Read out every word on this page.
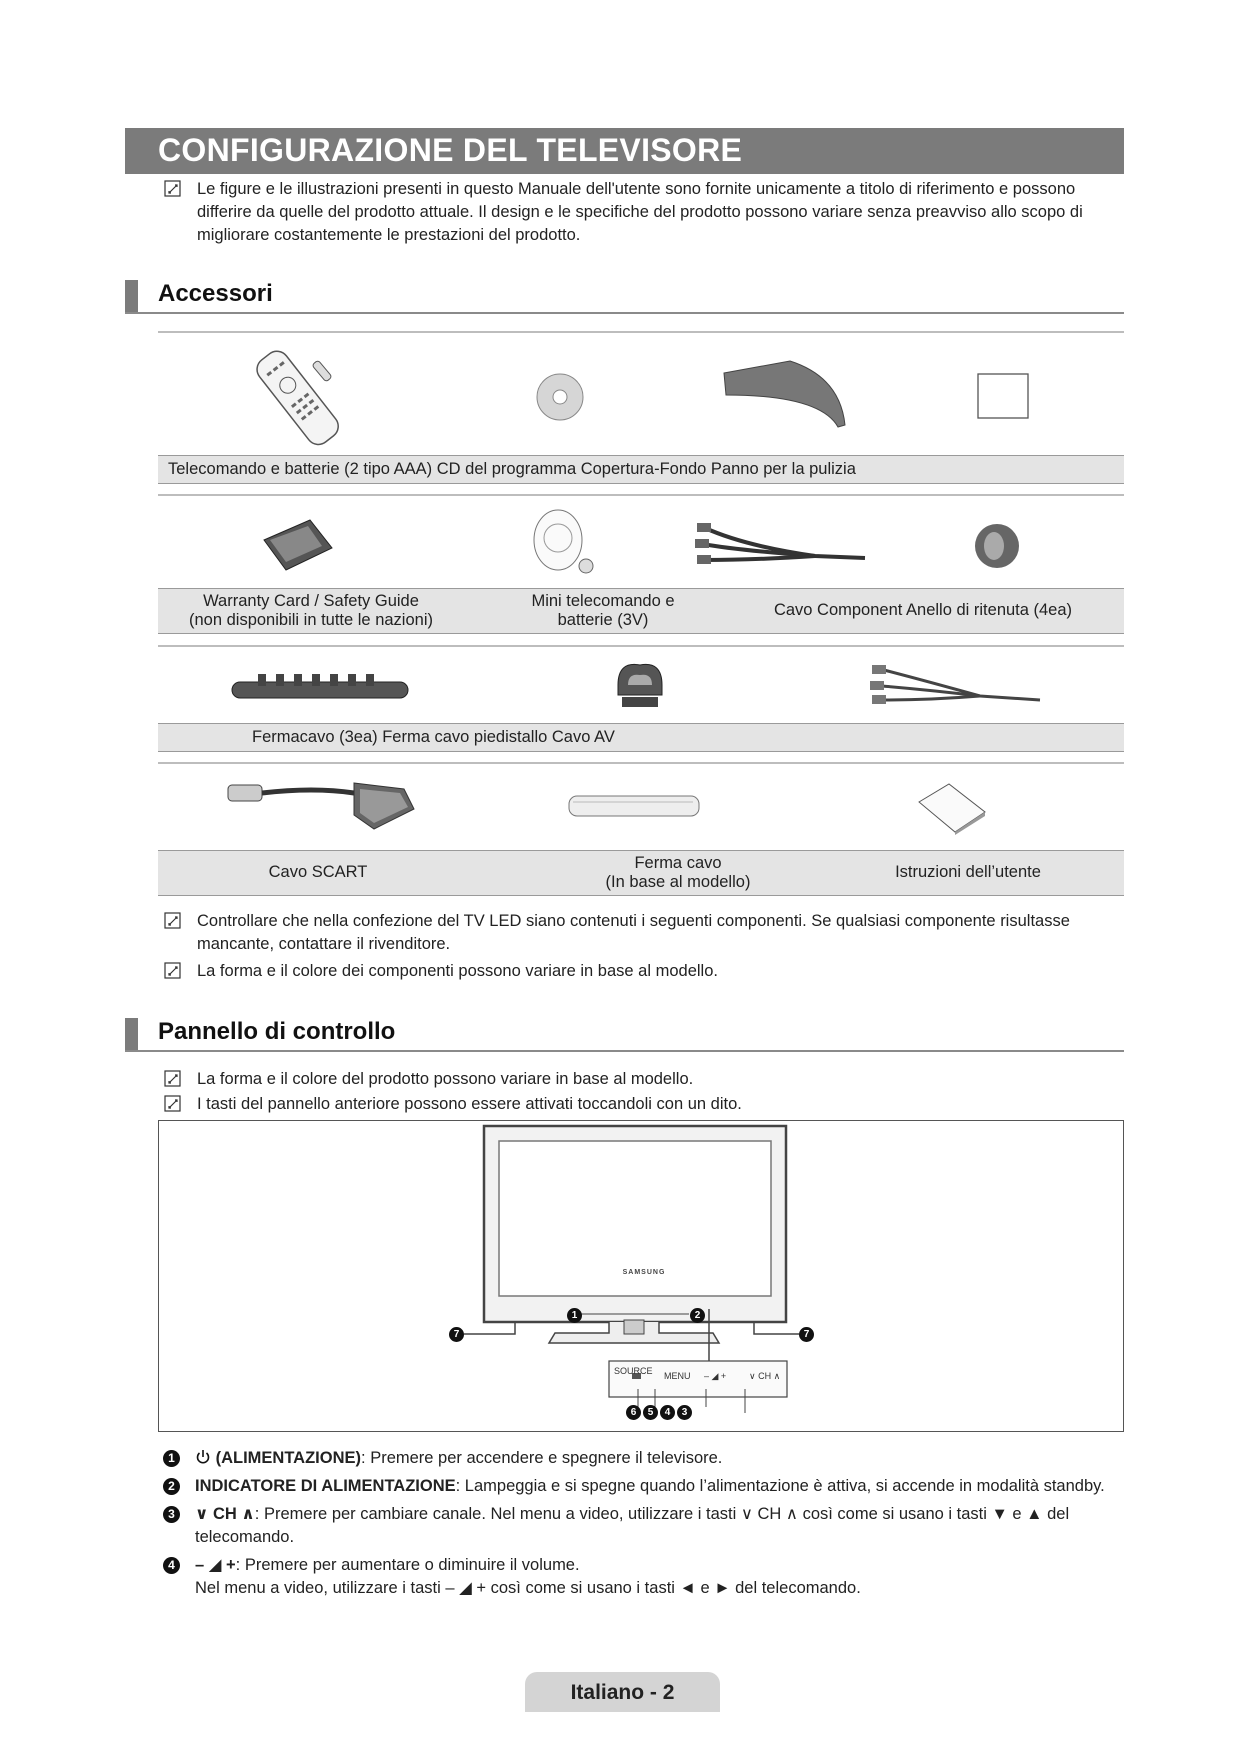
CONFIGURAZIONE DEL TELEVISORE
Le figure e le illustrazioni presenti in questo Manuale dell'utente sono fornite unicamente a titolo di riferimento e possono differire da quelle del prodotto attuale. Il design e le specifiche del prodotto possono variare senza preavviso allo scopo di migliorare costantemente le prestazioni del prodotto.
Accessori
Telecomando e batterie (2 tipo AAA) CD del programma Copertura-Fondo Panno per la pulizia
Warranty Card / Safety Guide
(non disponibili in tutte le nazioni)
Mini telecomando e
batterie (3V)
Cavo Component Anello di ritenuta (4ea)
Fermacavo (3ea) Ferma cavo piedistallo Cavo AV
Cavo SCART	Ferma cavo
(In base al modello)
Istruzioni dell’utente
Controllare che nella confezione del TV LED siano contenuti i seguenti componenti. Se qualsiasi componente risultasse mancante, contattare il rivenditore.
La forma e il colore dei componenti possono variare in base al modello.
Pannello di controllo
La forma e il colore del prodotto possono variare in base al modello.
I tasti del pannello anteriore possono essere attivati toccandoli con un dito.
SAMSUNG
SOURCE MENU – ◢ +	∨ CH ∧
1	2
7	7
6	5	4	3
1	(ALIMENTAZIONE): Premere per accendere e spegnere il televisore.
2	INDICATORE DI ALIMENTAZIONE: Lampeggia e si spegne quando l’alimentazione è attiva, si accende in modalità standby.
3	∨ CH ∧: Premere per cambiare canale. Nel menu a video, utilizzare i tasti ∨ CH ∧ così come si usano i tasti ▼ e ▲ del telecomando.
4	– ◢ +: Premere per aumentare o diminuire il volume.
Nel menu a video, utilizzare i tasti – ◢ + così come si usano i tasti ◄ e ► del telecomando.
Italiano - 2
